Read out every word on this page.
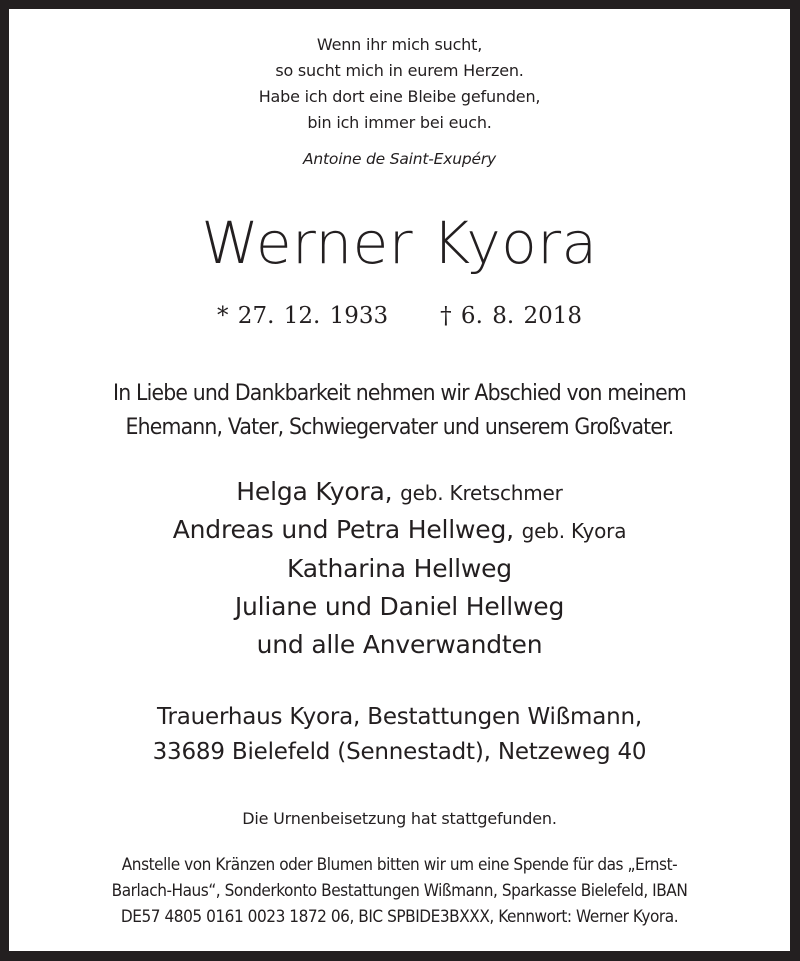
Wenn ihr mich sucht,
so sucht mich in eurem Herzen.
Habe ich dort eine Bleibe gefunden,
bin ich immer bei euch.
Antoine de Saint-Exupéry
Werner Kyora
* 27. 12. 1933 † 6. 8. 2018
In Liebe und Dankbarkeit nehmen wir Abschied von meinem
Ehemann, Vater, Schwiegervater und unserem Großvater.
Helga Kyora, geb. Kretschmer
Andreas und Petra Hellweg, geb. Kyora
Katharina Hellweg
Juliane und Daniel Hellweg
und alle Anverwandten
Trauerhaus Kyora, Bestattungen Wißmann,
33689 Bielefeld (Sennestadt), Netzeweg 40
Die Urnenbeisetzung hat stattgefunden.
Anstelle von Kränzen oder Blumen bitten wir um eine Spende für das „Ernst-
Barlach-Haus“, Sonderkonto Bestattungen Wißmann, Sparkasse Bielefeld, IBAN
DE57 4805 0161 0023 1872 06, BIC SPBIDE3BXXX, Kennwort: Werner Kyora.
